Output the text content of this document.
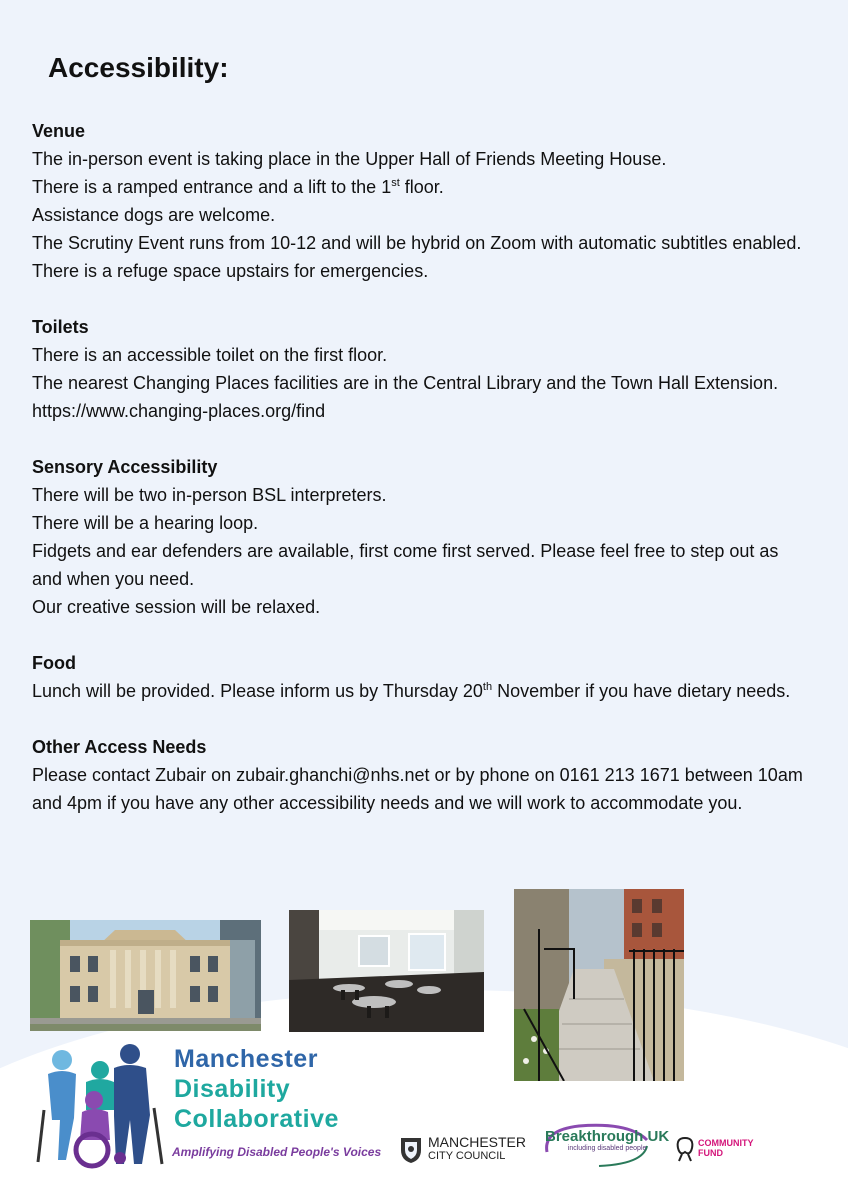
Accessibility:
Venue

The in-person event is taking place in the Upper Hall of Friends Meeting House.

There is a ramped entrance and a lift to the 1st floor.

Assistance dogs are welcome.

The Scrutiny Event runs from 10-12 and will be hybrid on Zoom with automatic subtitles enabled.

There is a refuge space upstairs for emergencies.

Toilets

There is an accessible toilet on the first floor.

The nearest Changing Places facilities are in the Central Library and the Town Hall Extension. https://www.changing-places.org/find

Sensory Accessibility

There will be two in-person BSL interpreters.

There will be a hearing loop.

Fidgets and ear defenders are available, first come first served. Please feel free to step out as and when you need.

Our creative session will be relaxed.

Food

Lunch will be provided. Please inform us by Thursday 20th November if you have dietary needs.

Other Access Needs

Please contact Zubair on zubair.ghanchi@nhs.net or by phone on 0161 213 1671 between 10am and 4pm if you have any other accessibility needs and we will work to accommodate you.

Manchester
Disability
Collaborative
Amplifying Disabled People's Voices
MANCHESTER
CITY COUNCIL
Breakthrough UK
including disabled people
COMMUNITY
FUND
